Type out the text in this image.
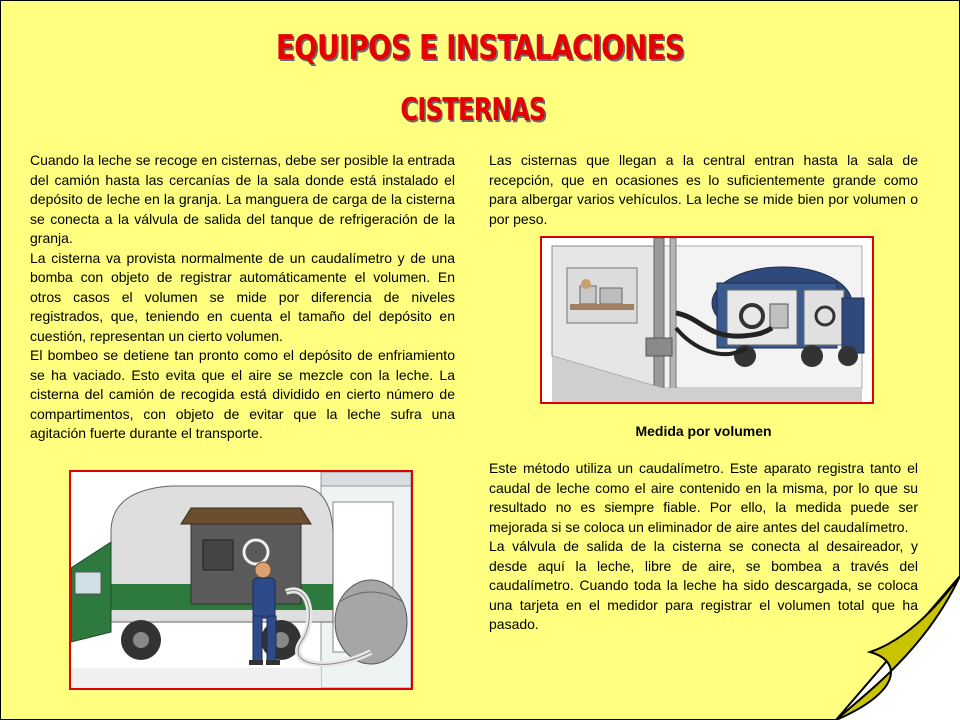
EQUIPOS E INSTALACIONES
CISTERNAS
Cuando la leche se recoge en cisternas, debe ser posible la entrada del camión hasta las cercanías de la sala donde está instalado el depósito de leche en la granja. La manguera de carga de la cisterna se conecta a la válvula de salida del tanque de refrigeración de la granja.
La cisterna va provista normalmente de un caudalímetro y de una bomba con objeto de registrar automáticamente el volumen. En otros casos el volumen se mide por diferencia de niveles registrados, que, teniendo en cuenta el tamaño del depósito en cuestión, representan un cierto volumen.
El bombeo se detiene tan pronto como el depósito de enfriamiento se ha vaciado. Esto evita que el aire se mezcle con la leche. La cisterna del camión de recogida está dividido en cierto número de compartimentos, con objeto de evitar que la leche sufra una agitación fuerte durante el transporte.
Las cisternas que llegan a la central entran hasta la sala de recepción, que en ocasiones es lo suficientemente grande como para albergar varios vehículos. La leche se mide bien por volumen o por peso.
Medida por volumen
Este método utiliza un caudalímetro. Este aparato registra tanto el caudal de leche como el aire contenido en la misma, por lo que su resultado no es siempre fiable. Por ello, la medida puede ser mejorada si se coloca un eliminador de aire antes del caudalímetro.
La válvula de salida de la cisterna se conecta al desaireador, y desde aquí la leche, libre de aire, se bombea a través del caudalímetro. Cuando toda la leche ha sido descargada, se coloca una tarjeta en el medidor para registrar el volumen total que ha pasado.
